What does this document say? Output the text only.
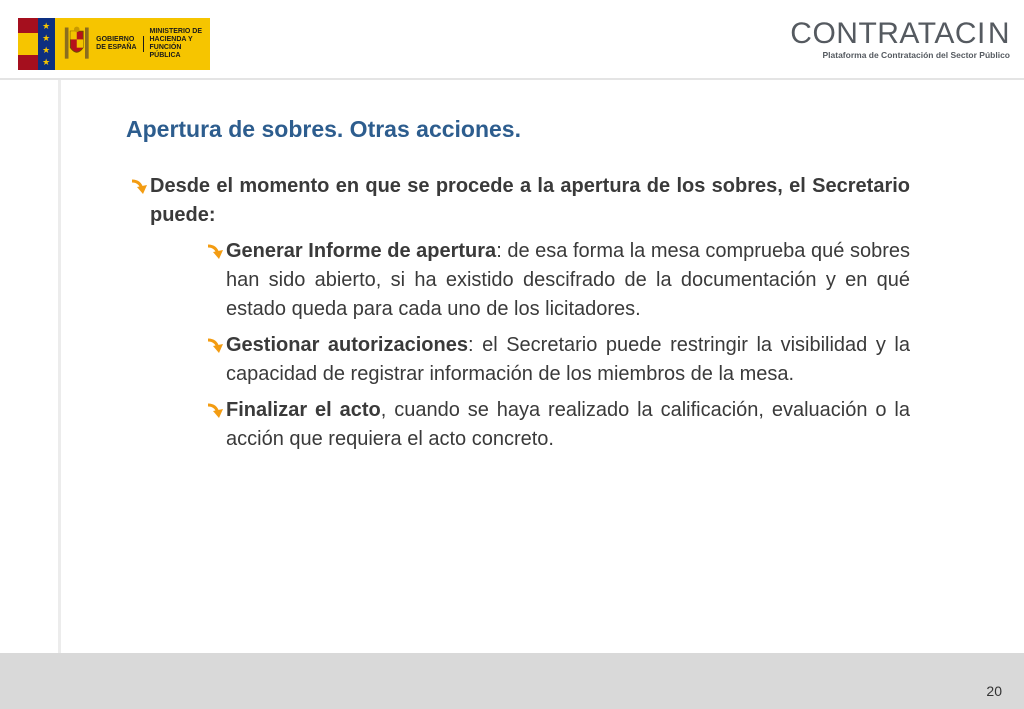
★
★
★
★
GOBIERNO DE ESPAÑA
MINISTERIO DE HACIENDA Y FUNCIÓN PÚBLICA
CONTRATACI N
Plataforma de Contratación del Sector Público
Apertura de sobres. Otras acciones.
Desde el momento en que se procede a la apertura de los sobres, el Secretario puede:
Generar Informe de apertura: de esa forma la mesa comprueba qué sobres han sido abierto, si ha existido descifrado de la documentación y en qué estado queda para cada uno de los licitadores.
Gestionar autorizaciones: el Secretario puede restringir la visibilidad y la capacidad de registrar información de los miembros de la mesa.
Finalizar el acto, cuando se haya realizado la calificación, evaluación o la acción que requiera el acto concreto.
20
